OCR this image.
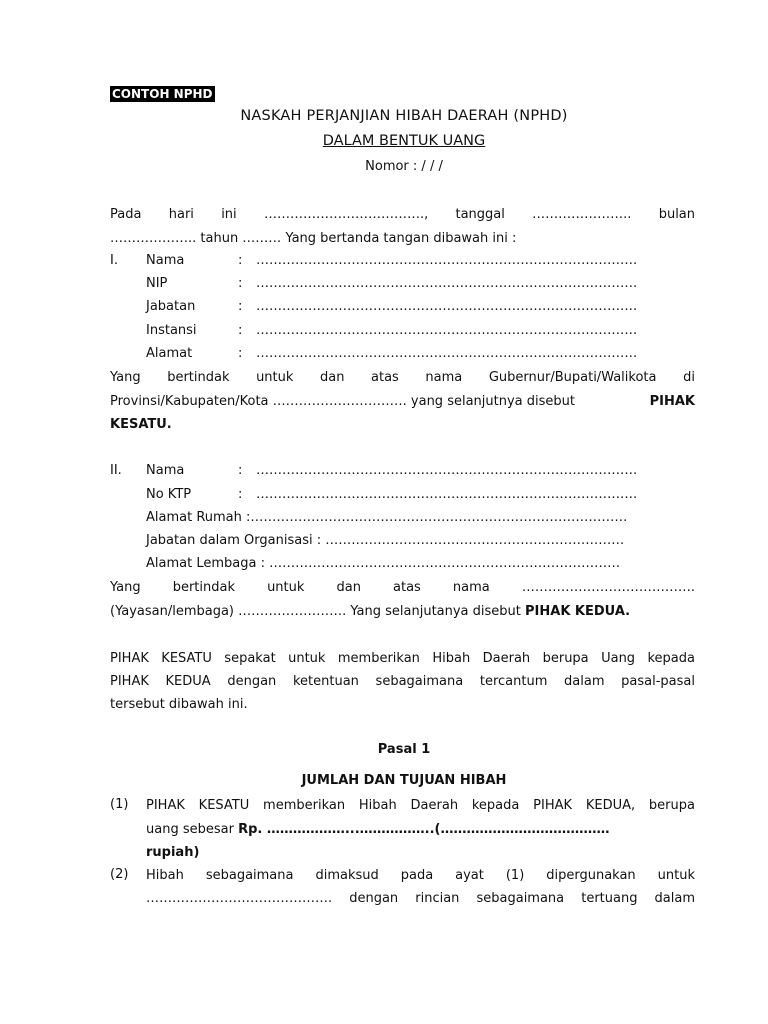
CONTOH NPHD
NASKAH PERJANJIAN HIBAH DAERAH (NPHD)
DALAM BENTUK UANG
Nomor : / / /
Pada hari ini ………………………………., tanggal ………………….. bulan
……………….. tahun ……… Yang bertanda tangan dibawah ini :
I. Nama	: …………………………………………………………………………….
NIP	: …………………………………………………………………………….
Jabatan	: …………………………………………………………………………….
Instansi	: …………………………………………………………………………….
Alamat	: …………………………………………………………………………….
Yang bertindak untuk dan atas nama Gubernur/Bupati/Walikota di
Provinsi/Kabupaten/Kota …………………………. yang selanjutnya disebut	PIHAK
KESATU.
II. Nama	: …………………………………………………………………………….
No KTP	: …………………………………………………………………………….
Alamat Rumah :……………………………………………………………………………
Jabatan dalam Organisasi : ……………………………………………………………
Alamat Lembaga : ………………………………………………………………………
Yang bertindak untuk dan atas nama ………………………………….
(Yayasan/lembaga) ……………………. Yang selanjutanya disebut PIHAK KEDUA.
PIHAK KESATU sepakat untuk memberikan Hibah Daerah berupa Uang kepada
PIHAK KEDUA dengan ketentuan sebagaimana tercantum dalam pasal-pasal
tersebut dibawah ini.
Pasal 1
JUMLAH DAN TUJUAN HIBAH
(1) PIHAK KESATU memberikan Hibah Daerah kepada PIHAK KEDUA, berupa
uang sebesar Rp. ………………...……………..(…………………………………
rupiah)
(2) Hibah sebagaimana dimaksud pada ayat (1) dipergunakan untuk
……………………………………. dengan rincian sebagaimana tertuang dalam
